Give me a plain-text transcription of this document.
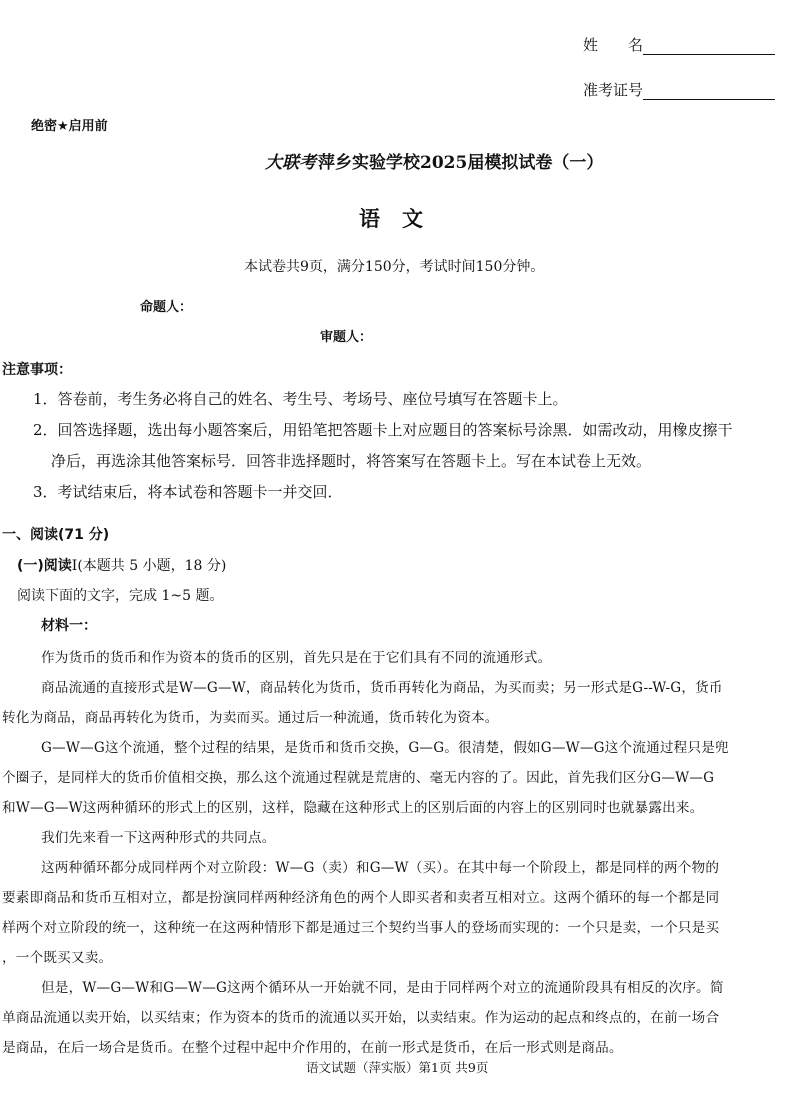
姓　　名
准考证号
绝密★启用前
大联考 萍乡实验学校2025届模拟试卷（一）
语文
本试卷共9页，满分150分，考试时间150分钟。
命题人：
审题人：
注意事项：
1．答卷前，考生务必将自己的姓名、考生号、考场号、座位号填写在答题卡上。
2．回答选择题，选出每小题答案后，用铅笔把答题卡上对应题目的答案标号涂黑．如需改动，用橡皮擦干
净后，再选涂其他答案标号．回答非选择题时，将答案写在答题卡上。写在本试卷上无效。
3．考试结束后，将本试卷和答题卡一并交回．
一、阅读(71 分)
(一)阅读Ⅰ(本题共 5 小题，18 分)
阅读下面的文字，完成 1~5 题。
材料一：
作为货币的货币和作为资本的货币的区别，首先只是在于它们具有不同的流通形式。
商品流通的直接形式是W—G—W，商品转化为货币，货币再转化为商品，为买而卖；另一形式是G--W-G，货币
转化为商品，商品再转化为货币，为卖而买。通过后一种流通，货币转化为资本。
G—W—G这个流通，整个过程的结果，是货币和货币交换，G—G。很清楚，假如G—W—G这个流通过程只是兜
个圈子，是同样大的货币价值相交换，那么这个流通过程就是荒唐的、毫无内容的了。因此，首先我们区分G—W—G
和W—G—W这两种循环的形式上的区别，这样，隐藏在这种形式上的区别后面的内容上的区别同时也就暴露出来。
我们先来看一下这两种形式的共同点。
这两种循环都分成同样两个对立阶段：W—G（卖）和G—W（买）。在其中每一个阶段上，都是同样的两个物的
要素即商品和货币互相对立，都是扮演同样两种经济角色的两个人即买者和卖者互相对立。这两个循环的每一个都是同
样两个对立阶段的统一，这种统一在这两种情形下都是通过三个契约当事人的登场而实现的：一个只是卖，一个只是买
，一个既买又卖。
但是，W—G—W和G—W—G这两个循环从一开始就不同，是由于同样两个对立的流通阶段具有相反的次序。简
单商品流通以卖开始，以买结束；作为资本的货币的流通以买开始，以卖结束。作为运动的起点和终点的，在前一场合
是商品，在后一场合是货币。在整个过程中起中介作用的，在前一形式是货币，在后一形式则是商品。
语文试题（萍实版）第1页 共9页
